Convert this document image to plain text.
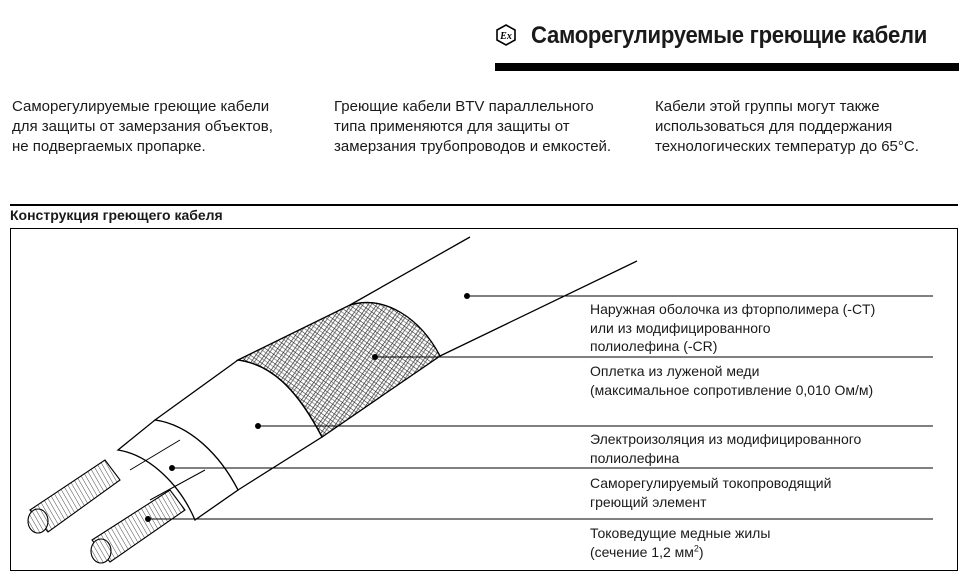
Ex Саморегулируемые греющие кабели

Саморегулируемые греющие кабели

для защиты от замерзания объектов,

не подвергаемых пропарке.

Греющие кабели BTV параллельного

типа применяются для защиты от

замерзания трубопроводов и емкостей.

Кабели этой группы могут также

использоваться для поддержания

технологических температур до 65°C.

Конструкция греющего кабеля

Наружная оболочка из фторполимера (-CT)

или из модифицированного

полиолефина (-CR)

Оплетка из луженой меди

(максимальное сопротивление 0,010 Ом/м)

Электроизоляция из модифицированного

полиолефина

Саморегулируемый токопроводящий

греющий элемент

Токоведущие медные жилы

(сечение 1,2 $мм^2$)
